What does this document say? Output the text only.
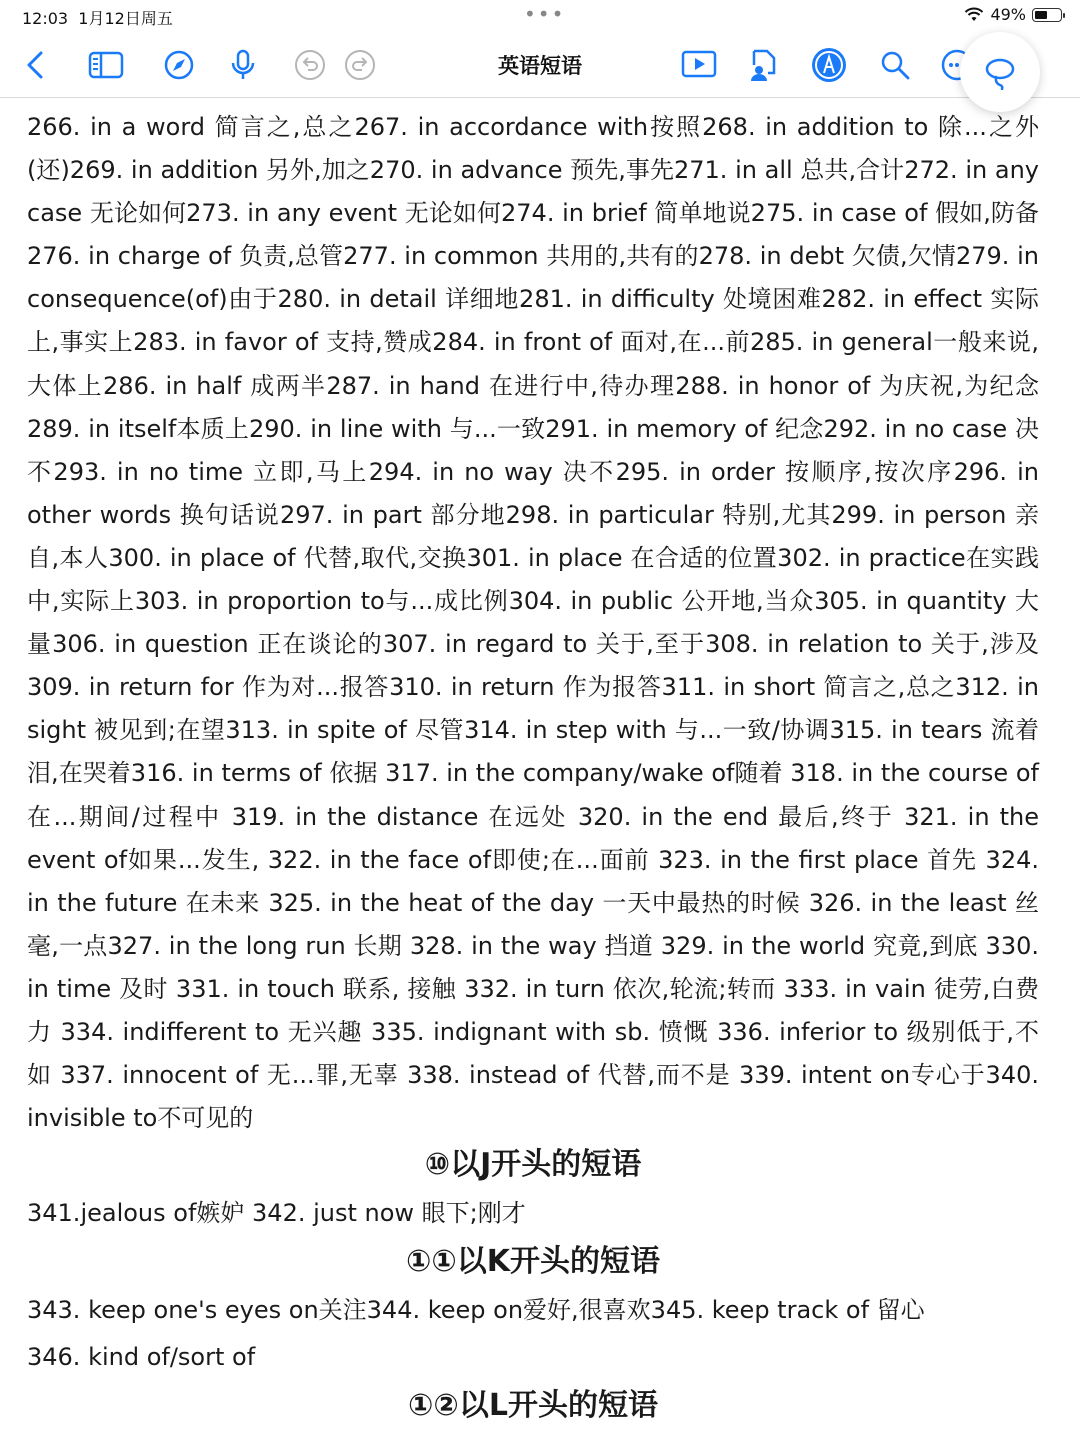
12:03 1月12日周五	•••	49%
英语短语

266. in a word 简言之,总之267. in accordance with按照268. in addition to 除...之外(还)269. in addition 另外,加之270. in advance 预先,事先271. in all 总共,合计272. in any case 无论如何273. in any event 无论如何274. in brief 简单地说275. in case of 假如,防备276. in charge of 负责,总管277. in common 共用的,共有的278. in debt 欠债,欠情279. in consequence(of)由于280. in detail 详细地281. in difficulty 处境困难282. in effect 实际上,事实上283. in favor of 支持,赞成284. in front of 面对,在...前285. in general一般来说,大体上286. in half 成两半287. in hand 在进行中,待办理288. in honor of 为庆祝,为纪念289. in itself本质上290. in line with 与...一致291. in memory of 纪念292. in no case 决不293. in no time 立即,马上294. in no way 决不295. in order 按顺序,按次序296. in other words 换句话说297. in part 部分地298. in particular 特别,尤其299. in person 亲自,本人300. in place of 代替,取代,交换301. in place 在合适的位置302. in practice在实践中,实际上303. in proportion to与...成比例304. in public 公开地,当众305. in quantity 大量306. in question 正在谈论的307. in regard to 关于,至于308. in relation to 关于,涉及309. in return for 作为对...报答310. in return 作为报答311. in short 简言之,总之312. in sight 被见到;在望313. in spite of 尽管314. in step with 与...一致/协调315. in tears 流着泪,在哭着316. in terms of 依据 317. in the company/wake of随着 318. in the course of在...期间/过程中 319. in the distance 在远处 320. in the end 最后,终于 321. in the event of如果...发生, 322. in the face of即使;在...面前 323. in the first place 首先 324. in the future 在未来 325. in the heat of the day 一天中最热的时候 326. in the least 丝毫,一点327. in the long run 长期 328. in the way 挡道 329. in the world 究竟,到底 330. in time 及时 331. in touch 联系, 接触 332. in turn 依次,轮流;转而 333. in vain 徒劳,白费力 334. indifferent to 无兴趣 335. indignant with sb. 愤慨 336. inferior to 级别低于,不如 337. innocent of 无...罪,无辜 338. instead of 代替,而不是 339. intent on专心于340. invisible to不可见的

⑩以J开头的短语

341.jealous of嫉妒 342. just now 眼下;刚才

①①以K开头的短语

343. keep one's eyes on关注344. keep on爱好,很喜欢345. keep track of 留心

346. kind of/sort of

①②以L开头的短语
